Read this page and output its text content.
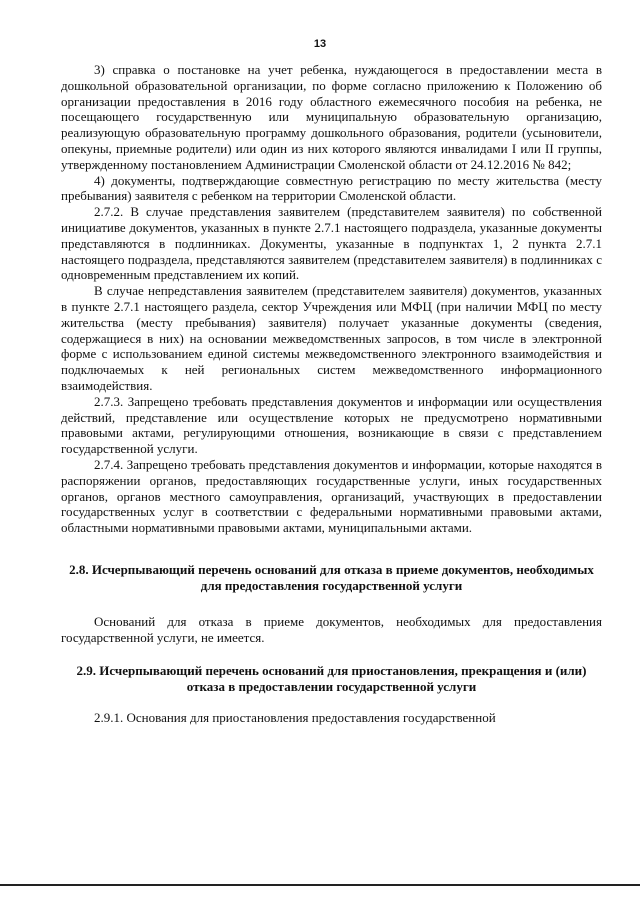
13

3) справка о постановке на учет ребенка, нуждающегося в предоставлении места в дошкольной образовательной организации, по форме согласно приложению к Положению об организации предоставления в 2016 году областного ежемесячного пособия на ребенка, не посещающего государственную или муниципальную образовательную организацию, реализующую образовательную программу дошкольного образования, родители (усыновители, опекуны, приемные родители) или один из них которого являются инвалидами I или II группы, утвержденному постановлением Администрации Смоленской области от 24.12.2016 № 842;

4) документы, подтверждающие совместную регистрацию по месту жительства (месту пребывания) заявителя с ребенком на территории Смоленской области.

2.7.2. В случае представления заявителем (представителем заявителя) по собственной инициативе документов, указанных в пункте 2.7.1 настоящего подраздела, указанные документы представляются в подлинниках. Документы, указанные в подпунктах 1, 2 пункта 2.7.1 настоящего подраздела, представляются заявителем (представителем заявителя) в подлинниках с одновременным представлением их копий.

В случае непредставления заявителем (представителем заявителя) документов, указанных в пункте 2.7.1 настоящего раздела, сектор Учреждения или МФЦ (при наличии МФЦ по месту жительства (месту пребывания) заявителя) получает указанные документы (сведения, содержащиеся в них) на основании межведомственных запросов, в том числе в электронной форме с использованием единой системы межведомственного электронного взаимодействия и подключаемых к ней региональных систем межведомственного информационного взаимодействия.

2.7.3. Запрещено требовать представления документов и информации или осуществления действий, представление или осуществление которых не предусмотрено нормативными правовыми актами, регулирующими отношения, возникающие в связи с представлением государственной услуги.

2.7.4. Запрещено требовать представления документов и информации, которые находятся в распоряжении органов, предоставляющих государственные услуги, иных государственных органов, органов местного самоуправления, организаций, участвующих в предоставлении государственных услуг в соответствии с федеральными нормативными правовыми актами, областными нормативными правовыми актами, муниципальными актами.

2.8. Исчерпывающий перечень оснований для отказа в приеме документов, необходимых для предоставления государственной услуги

Оснований для отказа в приеме документов, необходимых для предоставления государственной услуги, не имеется.

2.9. Исчерпывающий перечень оснований для приостановления, прекращения и (или) отказа в предоставлении государственной услуги

2.9.1. Основания для приостановления предоставления государственной
